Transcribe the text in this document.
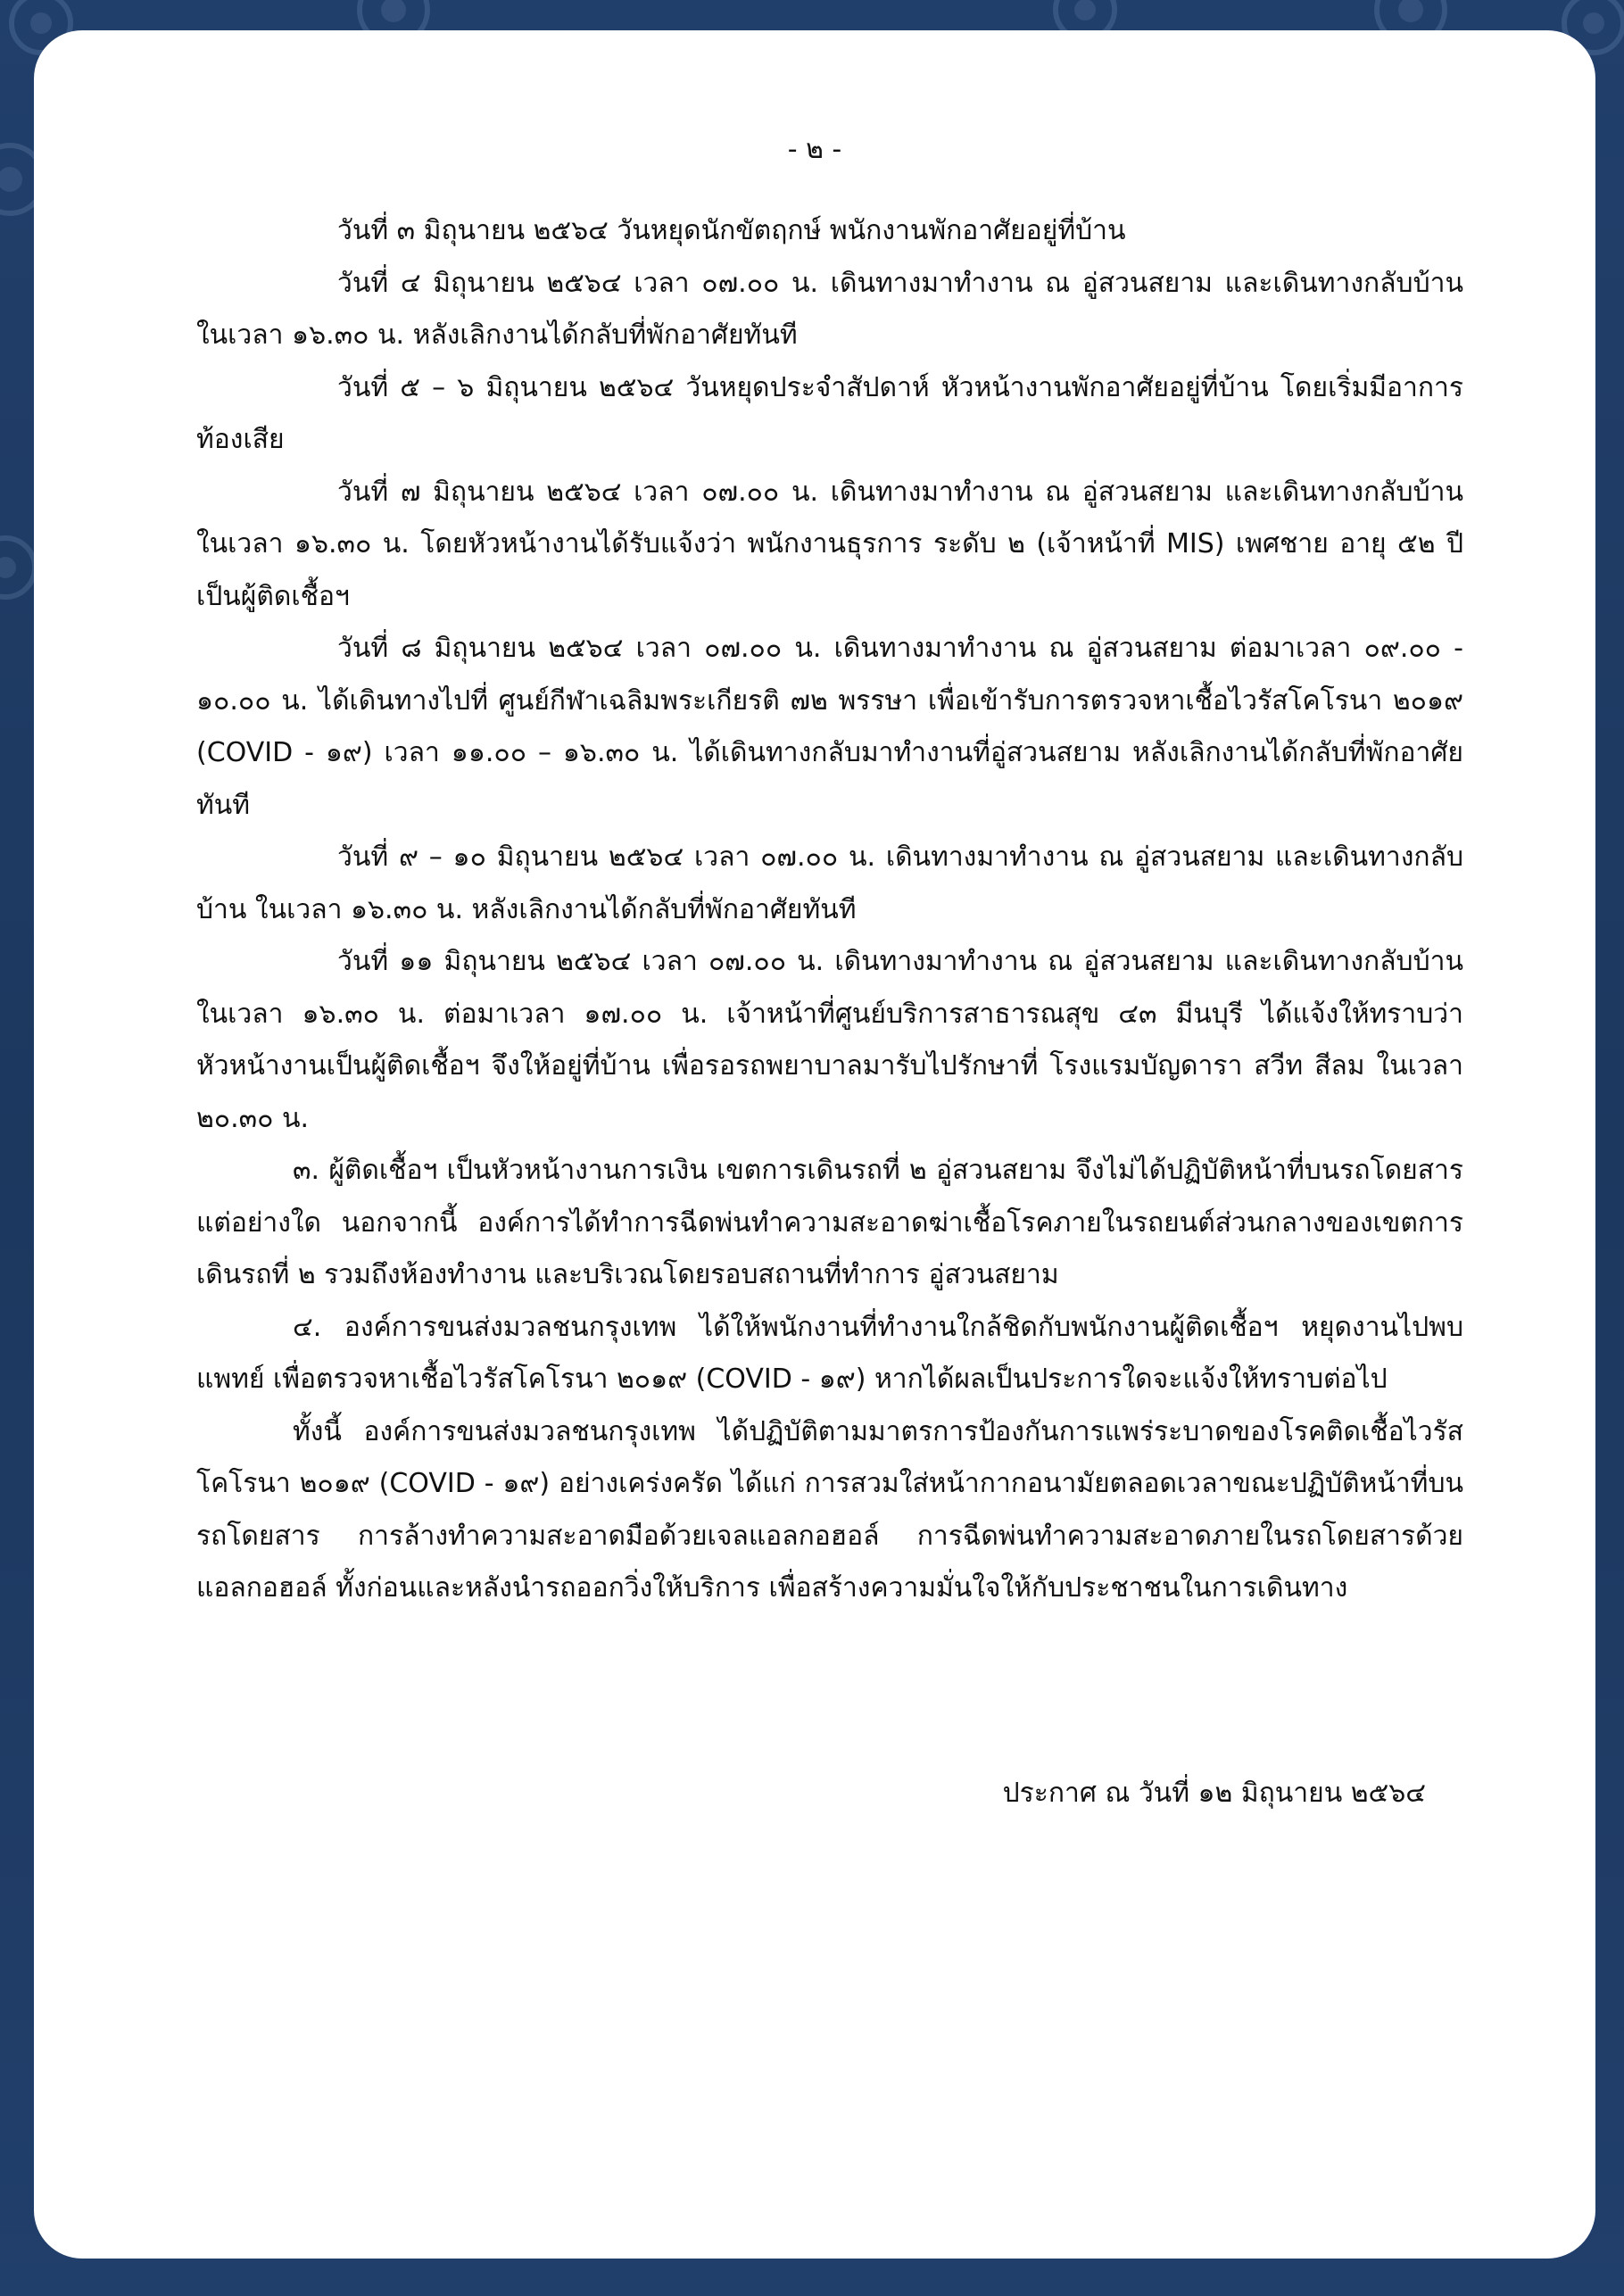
- ๒ -

วันที่ ๓ มิถุนายน ๒๕๖๔ วันหยุดนักขัตฤกษ์ พนักงานพักอาศัยอยู่ที่บ้าน

วันที่ ๔ มิถุนายน ๒๕๖๔ เวลา ๐๗.๐๐ น. เดินทางมาทำงาน ณ อู่สวนสยาม และเดินทางกลับบ้าน ในเวลา ๑๖.๓๐ น. หลังเลิกงานได้กลับที่พักอาศัยทันที

วันที่ ๕ – ๖ มิถุนายน ๒๕๖๔ วันหยุดประจำสัปดาห์ หัวหน้างานพักอาศัยอยู่ที่บ้าน โดยเริ่มมีอาการท้องเสีย

วันที่ ๗ มิถุนายน ๒๕๖๔ เวลา ๐๗.๐๐ น. เดินทางมาทำงาน ณ อู่สวนสยาม และเดินทางกลับบ้าน ในเวลา ๑๖.๓๐ น. โดยหัวหน้างานได้รับแจ้งว่า พนักงานธุรการ ระดับ ๒ (เจ้าหน้าที่ MIS) เพศชาย อายุ ๕๒ ปี เป็นผู้ติดเชื้อฯ

วันที่ ๘ มิถุนายน ๒๕๖๔ เวลา ๐๗.๐๐ น. เดินทางมาทำงาน ณ อู่สวนสยาม ต่อมาเวลา ๐๙.๐๐ - ๑๐.๐๐ น. ได้เดินทางไปที่ ศูนย์กีฬาเฉลิมพระเกียรติ ๗๒ พรรษา เพื่อเข้ารับการตรวจหาเชื้อไวรัสโคโรนา ๒๐๑๙ (COVID - ๑๙) เวลา ๑๑.๐๐ – ๑๖.๓๐ น. ได้เดินทางกลับมาทำงานที่อู่สวนสยาม หลังเลิกงานได้กลับที่พักอาศัยทันที

วันที่ ๙ – ๑๐ มิถุนายน ๒๕๖๔ เวลา ๐๗.๐๐ น. เดินทางมาทำงาน ณ อู่สวนสยาม และเดินทางกลับบ้าน ในเวลา ๑๖.๓๐ น. หลังเลิกงานได้กลับที่พักอาศัยทันที

วันที่ ๑๑ มิถุนายน ๒๕๖๔ เวลา ๐๗.๐๐ น. เดินทางมาทำงาน ณ อู่สวนสยาม และเดินทางกลับบ้าน ในเวลา ๑๖.๓๐ น. ต่อมาเวลา ๑๗.๐๐ น. เจ้าหน้าที่ศูนย์บริการสาธารณสุข ๔๓ มีนบุรี ได้แจ้งให้ทราบว่า หัวหน้างานเป็นผู้ติดเชื้อฯ จึงให้อยู่ที่บ้าน เพื่อรอรถพยาบาลมารับไปรักษาที่ โรงแรมบัญดารา สวีท สีลม ในเวลา ๒๐.๓๐ น.

๓. ผู้ติดเชื้อฯ เป็นหัวหน้างานการเงิน เขตการเดินรถที่ ๒ อู่สวนสยาม จึงไม่ได้ปฏิบัติหน้าที่บนรถโดยสารแต่อย่างใด นอกจากนี้ องค์การได้ทำการฉีดพ่นทำความสะอาดฆ่าเชื้อโรคภายในรถยนต์ส่วนกลางของเขตการเดินรถที่ ๒ รวมถึงห้องทำงาน และบริเวณโดยรอบสถานที่ทำการ อู่สวนสยาม

๔. องค์การขนส่งมวลชนกรุงเทพ ได้ให้พนักงานที่ทำงานใกล้ชิดกับพนักงานผู้ติดเชื้อฯ หยุดงานไปพบแพทย์ เพื่อตรวจหาเชื้อไวรัสโคโรนา ๒๐๑๙ (COVID - ๑๙) หากได้ผลเป็นประการใดจะแจ้งให้ทราบต่อไป

ทั้งนี้ องค์การขนส่งมวลชนกรุงเทพ ได้ปฏิบัติตามมาตรการป้องกันการแพร่ระบาดของโรคติดเชื้อไวรัสโคโรนา ๒๐๑๙ (COVID - ๑๙) อย่างเคร่งครัด ได้แก่ การสวมใส่หน้ากากอนามัยตลอดเวลาขณะปฏิบัติหน้าที่บนรถโดยสาร การล้างทำความสะอาดมือด้วยเจลแอลกอฮอล์ การฉีดพ่นทำความสะอาดภายในรถโดยสารด้วยแอลกอฮอล์ ทั้งก่อนและหลังนำรถออกวิ่งให้บริการ เพื่อสร้างความมั่นใจให้กับประชาชนในการเดินทาง

ประกาศ ณ วันที่ ๑๒ มิถุนายน ๒๕๖๔
